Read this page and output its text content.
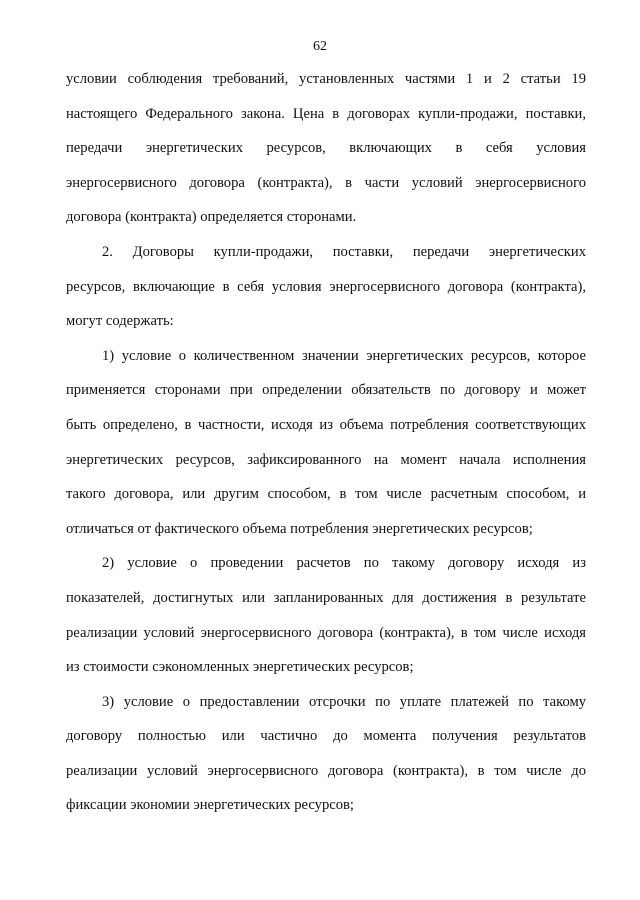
62
условии соблюдения требований, установленных частями 1 и 2 статьи 19
настоящего Федерального закона. Цена в договорах купли-продажи, поставки,
передачи энергетических ресурсов, включающих в себя условия
энергосервисного договора (контракта), в части условий энергосервисного
договора (контракта) определяется сторонами.
2. Договоры купли-продажи, поставки, передачи энергетических
ресурсов, включающие в себя условия энергосервисного договора (контракта),
могут содержать:
1) условие о количественном значении энергетических ресурсов, которое
применяется сторонами при определении обязательств по договору и может
быть определено, в частности, исходя из объема потребления соответствующих
энергетических ресурсов, зафиксированного на момент начала исполнения
такого договора, или другим способом, в том числе расчетным способом, и
отличаться от фактического объема потребления энергетических ресурсов;
2) условие о проведении расчетов по такому договору исходя из
показателей, достигнутых или запланированных для достижения в результате
реализации условий энергосервисного договора (контракта), в том числе исходя
из стоимости сэкономленных энергетических ресурсов;
3) условие о предоставлении отсрочки по уплате платежей по такому
договору полностью или частично до момента получения результатов
реализации условий энергосервисного договора (контракта), в том числе до
фиксации экономии энергетических ресурсов;
